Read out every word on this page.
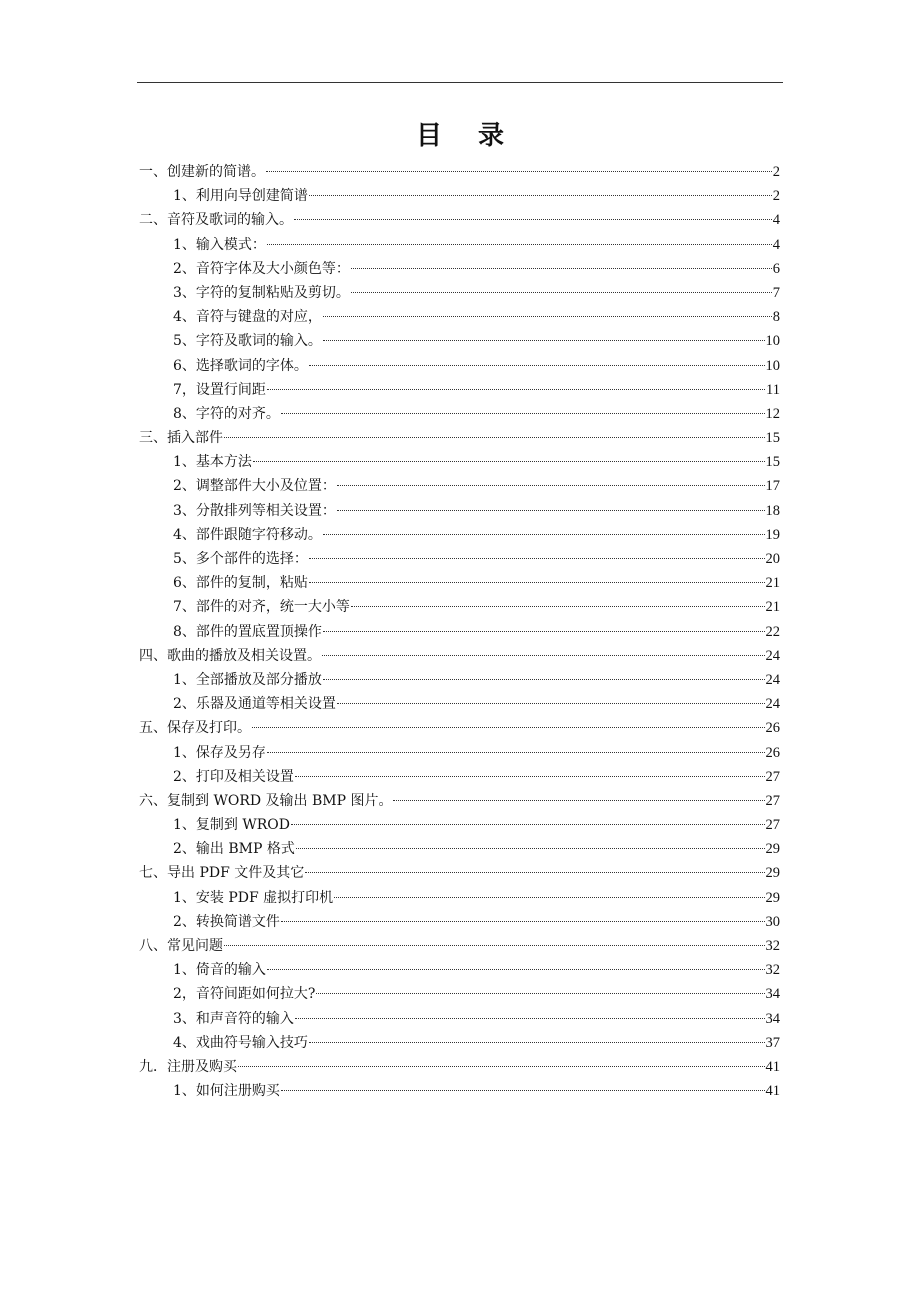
目录
一、创建新的简谱。	2
1、利用向导创建简谱	2
二、音符及歌词的输入。	4
1、输入模式：	4
2、音符字体及大小颜色等：	6
3、字符的复制粘贴及剪切。	7
4、音符与键盘的对应，	8
5、字符及歌词的输入。	10
6、选择歌词的字体。	10
7，设置行间距	11
8、字符的对齐。	12
三、插入部件	15
1、基本方法	15
2、调整部件大小及位置：	17
3、分散排列等相关设置：	18
4、部件跟随字符移动。	19
5、多个部件的选择：	20
6、部件的复制，粘贴	21
7、部件的对齐，统一大小等	21
8、部件的置底置顶操作	22
四、歌曲的播放及相关设置。	24
1、全部播放及部分播放	24
2、乐器及通道等相关设置	24
五、保存及打印。	26
1、保存及另存	26
2、打印及相关设置	27
六、复制到 WORD 及输出 BMP 图片。	27
1、复制到 WROD	27
2、输出 BMP 格式	29
七、导出 PDF 文件及其它	29
1、安装 PDF 虚拟打印机	29
2、转换简谱文件	30
八、常见问题	32
1、倚音的输入	32
2，音符间距如何拉大?	34
3、和声音符的输入	34
4、戏曲符号输入技巧	37
九．注册及购买	41
1、如何注册购买	41
